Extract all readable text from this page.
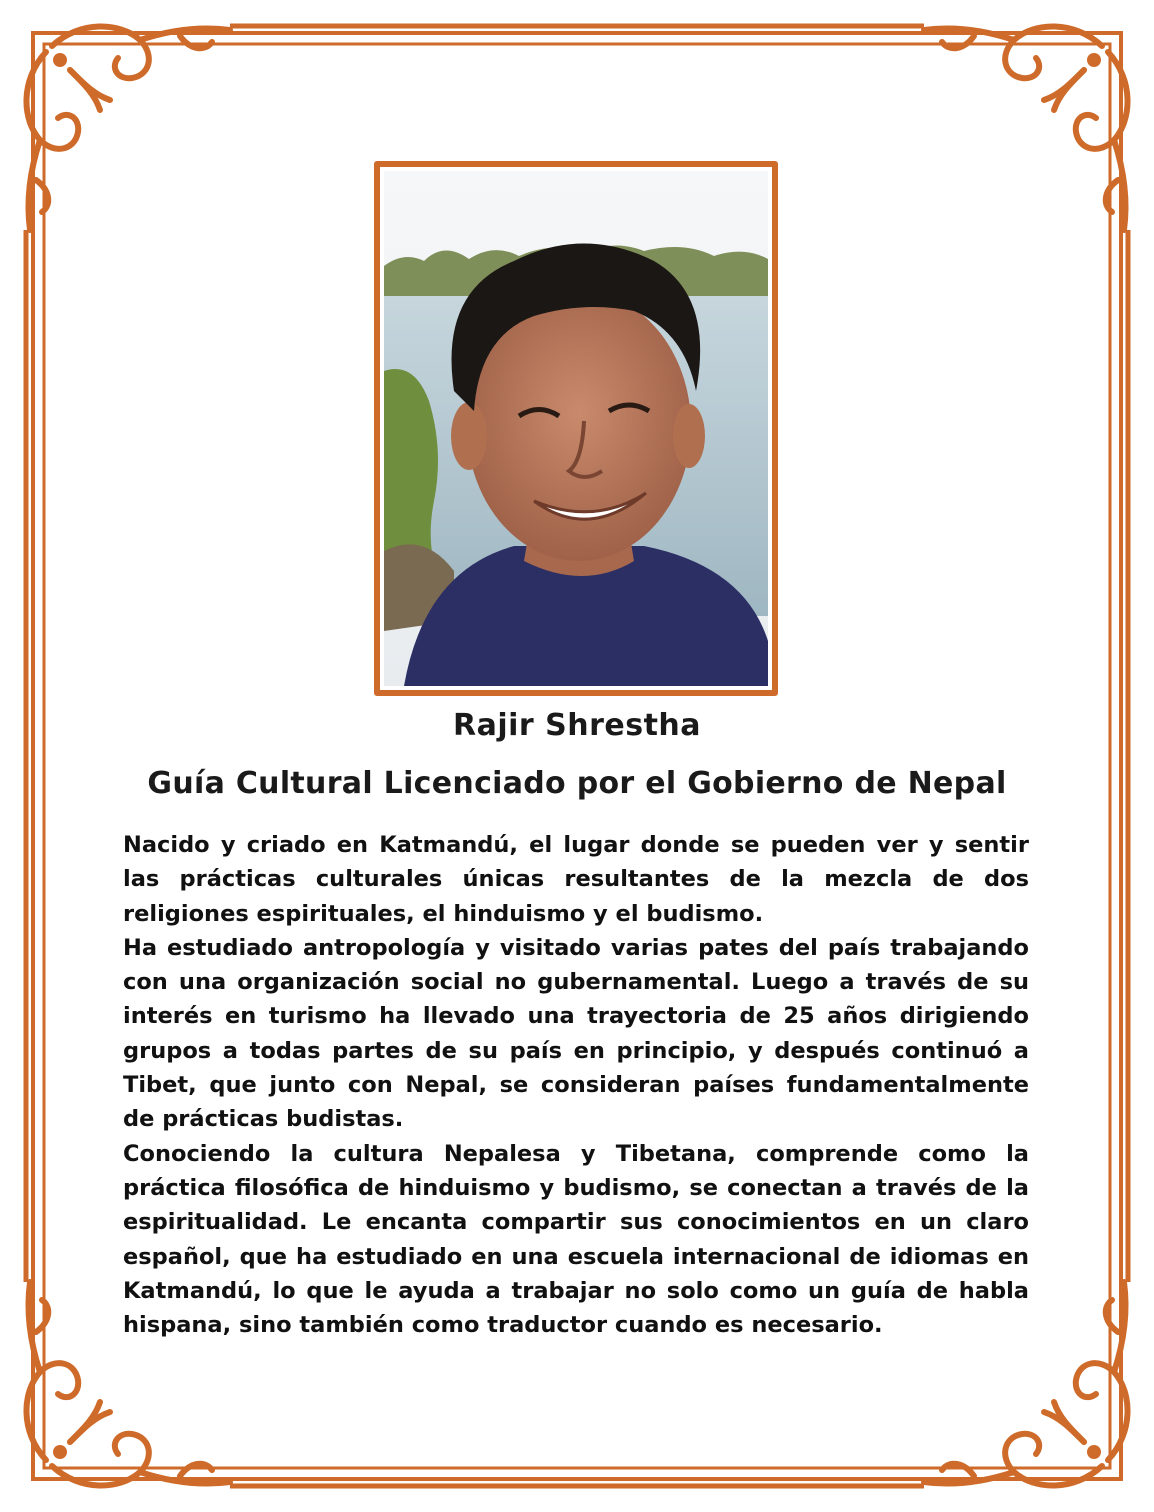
Rajir Shrestha
Guía Cultural Licenciado por el Gobierno de Nepal

Nacido y criado en Katmandú, el lugar donde se pueden ver y sentir las prácticas culturales únicas resultantes de la mezcla de dos religiones espirituales, el hinduismo y el budismo.

Ha estudiado antropología y visitado varias pates del país trabajando con una organización social no gubernamental. Luego a través de su interés en turismo ha llevado una trayectoria de 25 años dirigiendo grupos a todas partes de su país en principio, y después continuó a Tibet, que junto con Nepal, se consideran países fundamentalmente de prácticas budistas.

Conociendo la cultura Nepalesa y Tibetana, comprende como la práctica filosófica de hinduismo y budismo, se conectan a través de la espiritualidad. Le encanta compartir sus conocimientos en un claro español, que ha estudiado en una escuela internacional de idiomas en Katmandú, lo que le ayuda a trabajar no solo como un guía de habla hispana, sino también como traductor cuando es necesario.
